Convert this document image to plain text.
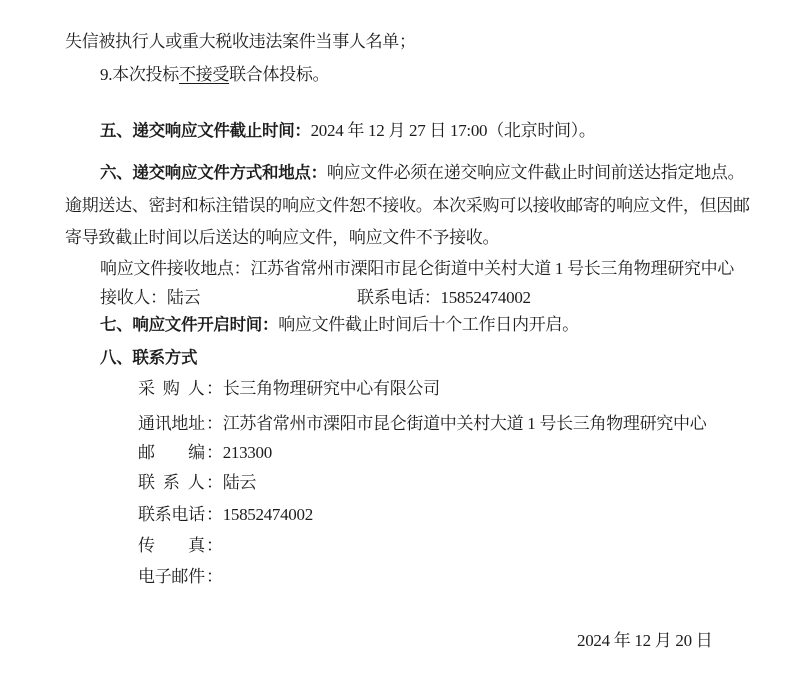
失信被执行人或重大税收违法案件当事人名单；

9.本次投标不接受联合体投标。

五、递交响应文件截止时间：2024 年 12 月 27 日 17:00（北京时间）。

六、递交响应文件方式和地点：响应文件必须在递交响应文件截止时间前送达指定地点。

逾期送达、密封和标注错误的响应文件恕不接收。本次采购可以接收邮寄的响应文件，但因邮

寄导致截止时间以后送达的响应文件，响应文件不予接收。

响应文件接收地点：江苏省常州市溧阳市昆仑街道中关村大道 1 号长三角物理研究中心

接收人：陆云	联系电话：15852474002

七、响应文件开启时间：响应文件截止时间后十个工作日内开启。

八、联系方式

采 购 人：长三角物理研究中心有限公司

通讯地址：江苏省常州市溧阳市昆仑街道中关村大道 1 号长三角物理研究中心

邮　　编：213300

联 系 人：陆云

联系电话：15852474002

传　　真：

电子邮件：

2024 年 12 月 20 日
